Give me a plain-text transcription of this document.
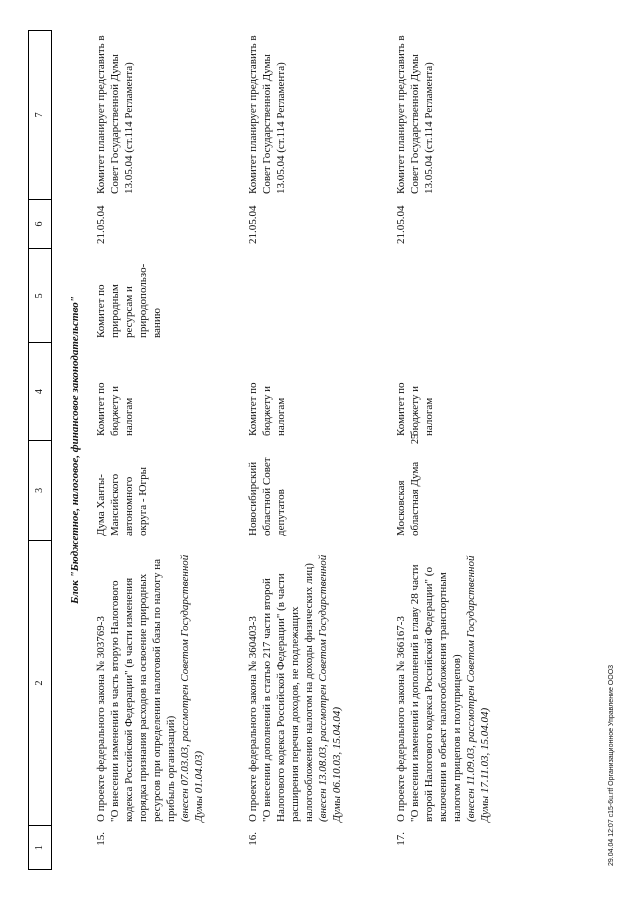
25
29.04.04 12:07 c15-6u.rtf Организационное Управление ООО3
1
2
3
4
5
6
7
Блок "Бюджетное, налоговое, финансовое законодательство"
15.
О проекте федерального закона № 303769-3 "О внесении изменений в часть вторую Налогового кодекса Российской Федерации" (в части изменения порядка признания расходов на освоение природных ресурсов при определении налоговой базы по налогу на прибыль организаций) (внесен 07.03.03, рассмотрен Советом Государственной Думы 01.04.03)
Дума Ханты-Мансийского автономного округа - Югры
Комитет по бюджету и налогам
Комитет по природным ресурсам и природопользо-ванию
21.05.04
Комитет планирует представить в Совет Государственной Думы 13.05.04 (ст.114 Регламента)
16.
О проекте федерального закона № 360403-3 "О внесении дополнений в статью 217 части второй Налогового кодекса Российской Федерации" (в части расширения перечня доходов, не подлежащих налогообложению налогом на доходы физических лиц) (внесен 13.08.03, рассмотрен Советом Государственной Думы 06.10.03, 15.04.04)
Новосибирский областной Совет депутатов
Комитет по бюджету и налогам
21.05.04
Комитет планирует представить в Совет Государственной Думы 13.05.04 (ст.114 Регламента)
17.
О проекте федерального закона № 366167-3 "О внесении изменений и дополнений в главу 28 части второй Налогового кодекса Российской Федерации" (о включении в объект налогообложения транспортным налогом прицепов и полуприцепов) (внесен 11.09.03, рассмотрен Советом Государственной Думы 17.11.03, 15.04.04)
Московская областная Дума
Комитет по бюджету и налогам
21.05.04
Комитет планирует представить в Совет Государственной Думы 13.05.04 (ст.114 Регламента)
